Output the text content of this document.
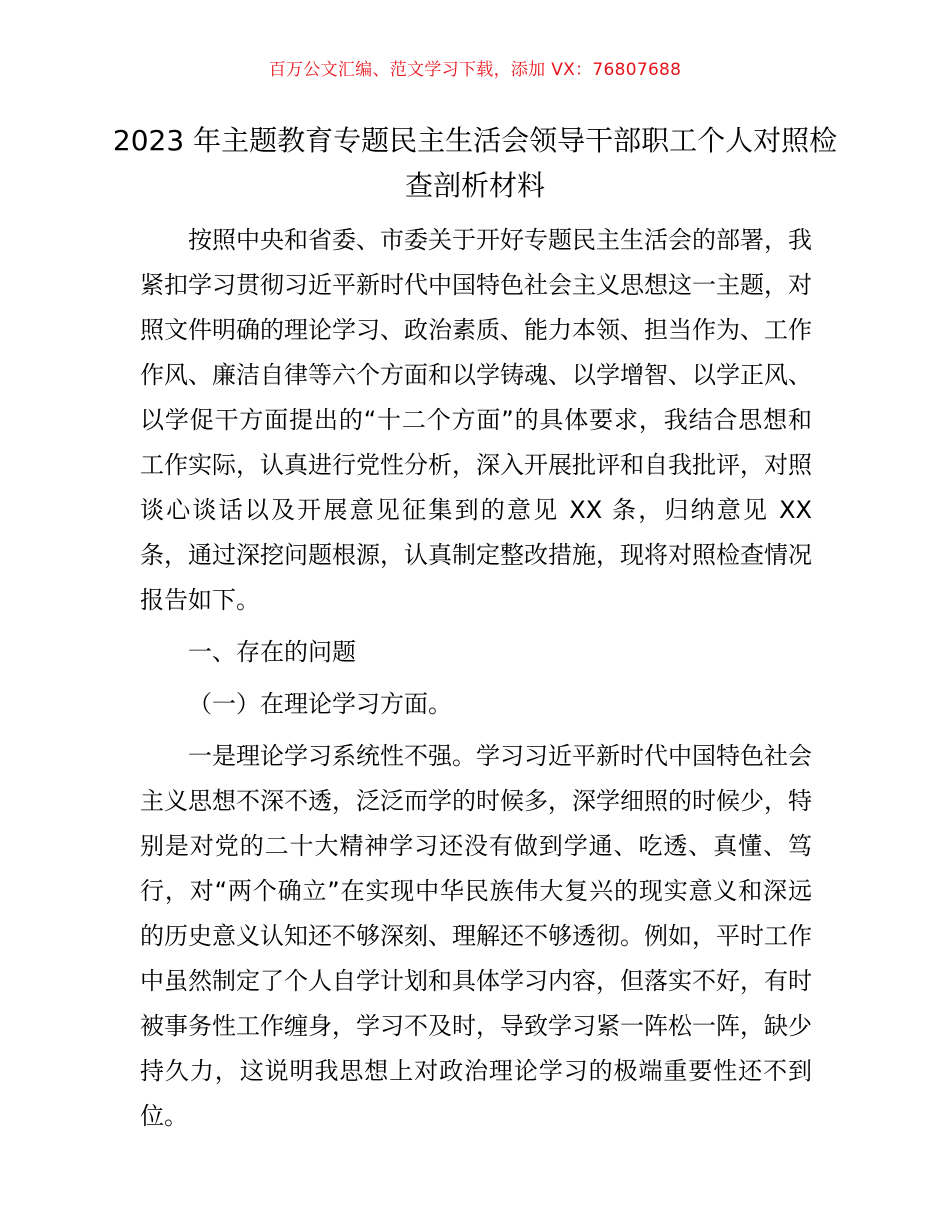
百万公文汇编、范文学习下载，添加 VX：76807688
2023 年主题教育专题民主生活会领导干部职工个人对照检查剖析材料

按照中央和省委、市委关于开好专题民主生活会的部署，我紧扣学习贯彻习近平新时代中国特色社会主义思想这一主题，对照文件明确的理论学习、政治素质、能力本领、担当作为、工作作风、廉洁自律等六个方面和以学铸魂、以学增智、以学正风、以学促干方面提出的“十二个方面”的具体要求，我结合思想和工作实际，认真进行党性分析，深入开展批评和自我批评，对照谈心谈话以及开展意见征集到的意见 XX 条，归纳意见 XX 条，通过深挖问题根源，认真制定整改措施，现将对照检查情况报告如下。

一、存在的问题

（一）在理论学习方面。

一是理论学习系统性不强。学习习近平新时代中国特色社会主义思想不深不透，泛泛而学的时候多，深学细照的时候少，特别是对党的二十大精神学习还没有做到学通、吃透、真懂、笃行，对“两个确立”在实现中华民族伟大复兴的现实意义和深远的历史意义认知还不够深刻、理解还不够透彻。例如，平时工作中虽然制定了个人自学计划和具体学习内容，但落实不好，有时被事务性工作缠身，学习不及时，导致学习紧一阵松一阵，缺少持久力，这说明我思想上对政治理论学习的极端重要性还不到位。
